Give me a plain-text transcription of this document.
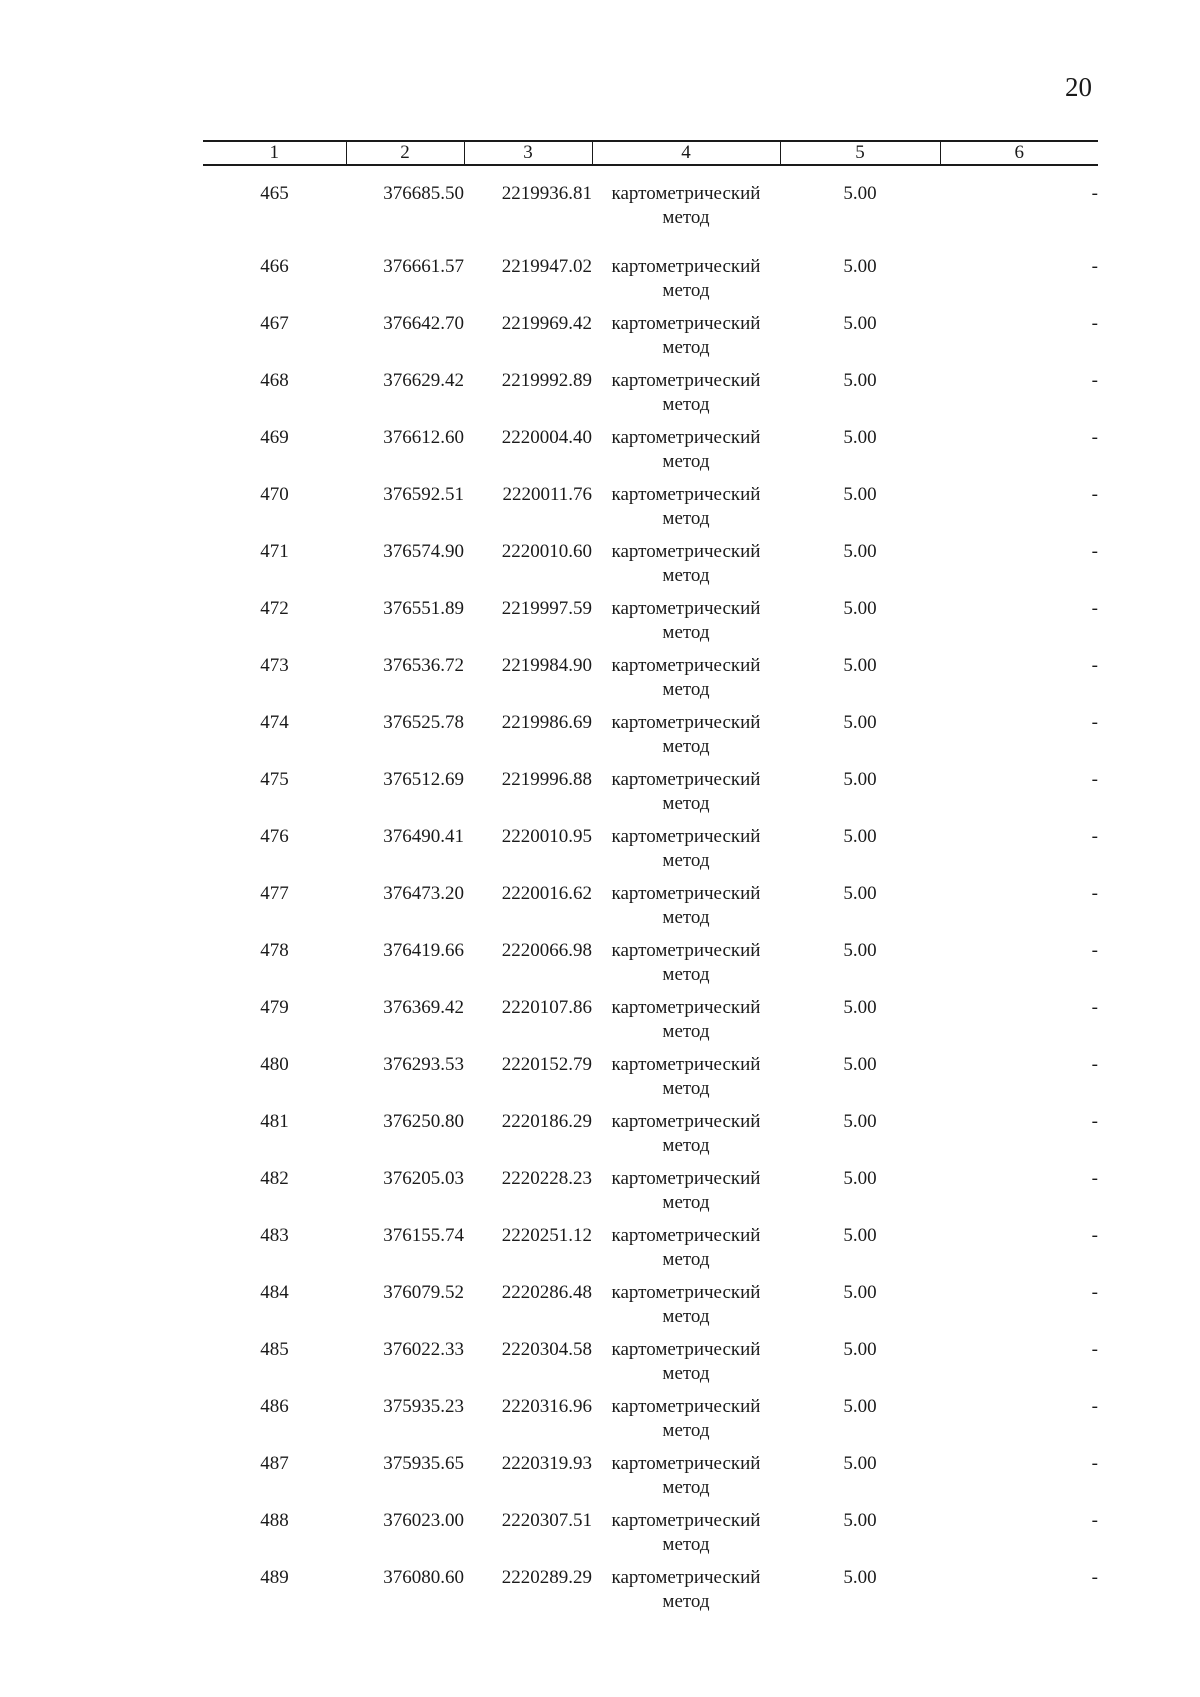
20
1	2	3	4	5	6
465	376685.50	2219936.81	картометрический
метод	5.00	-
466	376661.57	2219947.02	картометрический
метод	5.00	-
467	376642.70	2219969.42	картометрический
метод	5.00	-
468	376629.42	2219992.89	картометрический
метод	5.00	-
469	376612.60	2220004.40	картометрический
метод	5.00	-
470	376592.51	2220011.76	картометрический
метод	5.00	-
471	376574.90	2220010.60	картометрический
метод	5.00	-
472	376551.89	2219997.59	картометрический
метод	5.00	-
473	376536.72	2219984.90	картометрический
метод	5.00	-
474	376525.78	2219986.69	картометрический
метод	5.00	-
475	376512.69	2219996.88	картометрический
метод	5.00	-
476	376490.41	2220010.95	картометрический
метод	5.00	-
477	376473.20	2220016.62	картометрический
метод	5.00	-
478	376419.66	2220066.98	картометрический
метод	5.00	-
479	376369.42	2220107.86	картометрический
метод	5.00	-
480	376293.53	2220152.79	картометрический
метод	5.00	-
481	376250.80	2220186.29	картометрический
метод	5.00	-
482	376205.03	2220228.23	картометрический
метод	5.00	-
483	376155.74	2220251.12	картометрический
метод	5.00	-
484	376079.52	2220286.48	картометрический
метод	5.00	-
485	376022.33	2220304.58	картометрический
метод	5.00	-
486	375935.23	2220316.96	картометрический
метод	5.00	-
487	375935.65	2220319.93	картометрический
метод	5.00	-
488	376023.00	2220307.51	картометрический
метод	5.00	-
489	376080.60	2220289.29	картометрический
метод	5.00	-
